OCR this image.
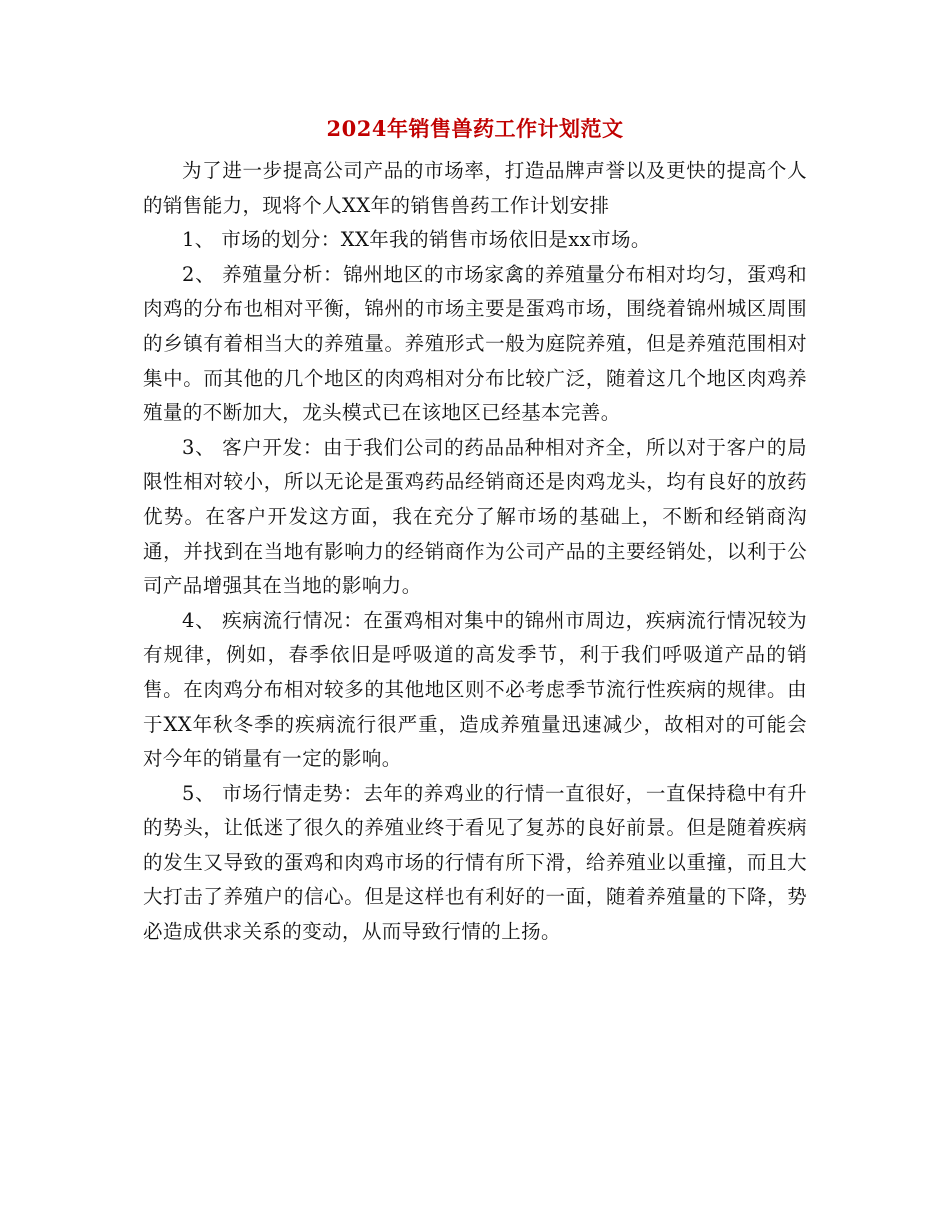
2024年销售兽药工作计划范文

为了进一步提高公司产品的市场率，打造品牌声誉以及更快的提高个人的销售能力，现将个人XX年的销售兽药工作计划安排

1、 市场的划分：XX年我的销售市场依旧是xx市场。

2、 养殖量分析：锦州地区的市场家禽的养殖量分布相对均匀，蛋鸡和肉鸡的分布也相对平衡，锦州的市场主要是蛋鸡市场，围绕着锦州城区周围的乡镇有着相当大的养殖量。养殖形式一般为庭院养殖，但是养殖范围相对集中。而其他的几个地区的肉鸡相对分布比较广泛，随着这几个地区肉鸡养殖量的不断加大，龙头模式已在该地区已经基本完善。

3、 客户开发：由于我们公司的药品品种相对齐全，所以对于客户的局限性相对较小，所以无论是蛋鸡药品经销商还是肉鸡龙头，均有良好的放药优势。在客户开发这方面，我在充分了解市场的基础上，不断和经销商沟通，并找到在当地有影响力的经销商作为公司产品的主要经销处，以利于公司产品增强其在当地的影响力。

4、 疾病流行情况：在蛋鸡相对集中的锦州市周边，疾病流行情况较为有规律，例如，春季依旧是呼吸道的高发季节，利于我们呼吸道产品的销售。在肉鸡分布相对较多的其他地区则不必考虑季节流行性疾病的规律。由于XX年秋冬季的疾病流行很严重，造成养殖量迅速减少，故相对的可能会对今年的销量有一定的影响。

5、 市场行情走势：去年的养鸡业的行情一直很好，一直保持稳中有升的势头，让低迷了很久的养殖业终于看见了复苏的良好前景。但是随着疾病的发生又导致的蛋鸡和肉鸡市场的行情有所下滑，给养殖业以重撞，而且大大打击了养殖户的信心。但是这样也有利好的一面，随着养殖量的下降，势必造成供求关系的变动，从而导致行情的上扬。
